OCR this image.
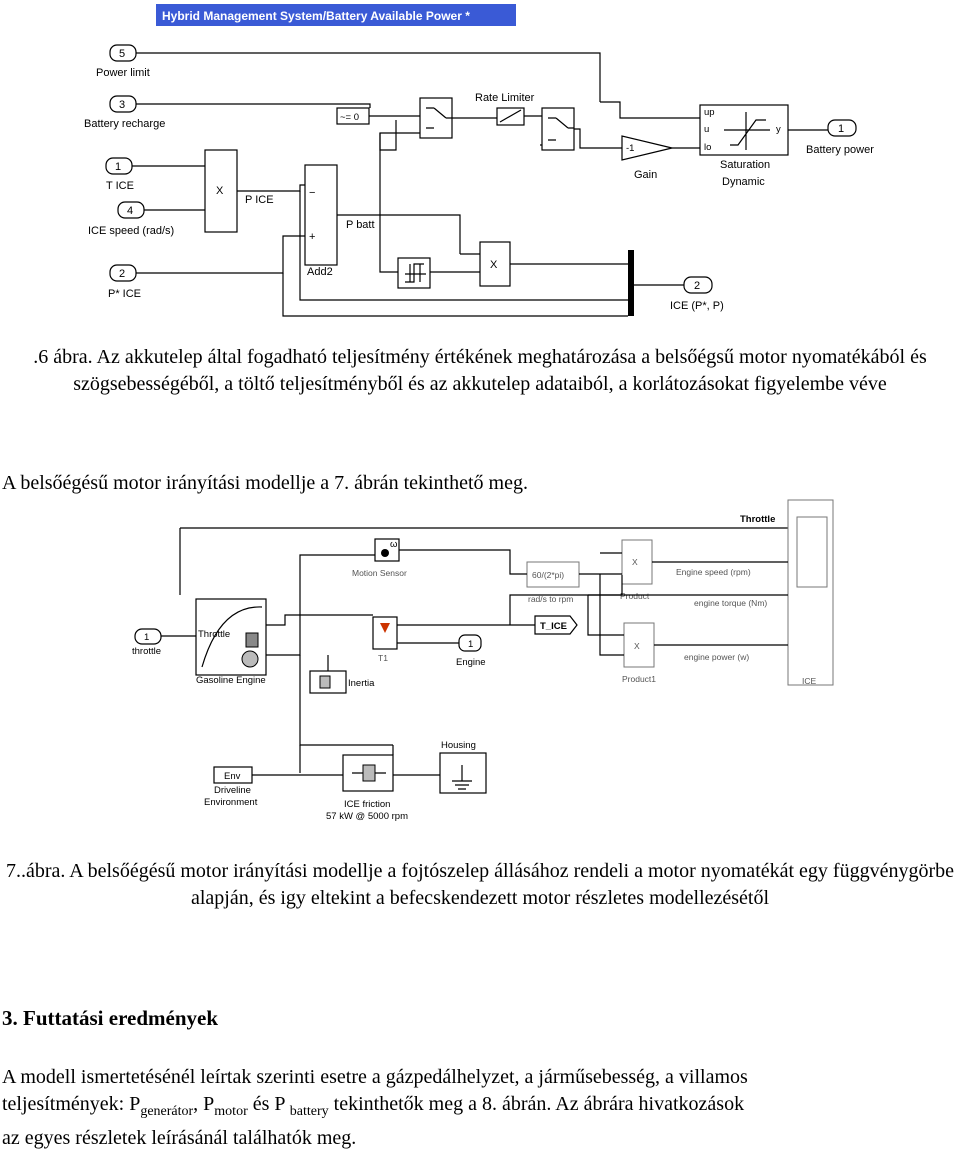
Hybrid Management System/Battery Available Power *
5
Power limit
3
Battery recharge
1
T ICE
4
ICE speed (rad/s)
2
P* ICE
X
P ICE
−
+
Add2
P batt
~= 0
Rate Limiter
-1
Gain
up
u
lo
y
Saturation
Dynamic
X
1
Battery power
2
ICE (P*, P)

.6 ábra. Az akkutelep által fogadható teljesítmény értékének meghatározása a belsőégsű motor nyomatékából és szögsebességéből, a töltő teljesítményből és az akkutelep adataiból, a korlátozásokat figyelembe véve

A belsőégésű motor irányítási modellje a 7. ábrán tekinthető meg.

Throttle
ICE
ω
Motion Sensor	60/(2*pi)
rad/s to rpm
X
Product
X
Product1
Engine speed (rpm)
engine torque (Nm)
engine power (w)
T_ICE
1
throttle
Throttle
Gasoline Engine
T1
1
Engine
Inertia
Housing
Env
Driveline
Environment	ICE friction
57 kW @ 5000 rpm

7..ábra. A belsőégésű motor irányítási modellje a fojtószelep állásához rendeli a motor nyomatékát egy függvénygörbe alapján, és igy eltekint a befecskendezett motor részletes modellezésétől

3. Futtatási eredmények
A modell ismertetésénél leírtak szerinti esetre a gázpedálhelyzet, a járműsebesség, a villamos
teljesítmények: $P_{generátor}$, $P_{motor}$ és P $_{battery}$ tekinthetők meg a 8. ábrán. Az ábrára hivatkozások
az egyes részletek leírásánál találhatók meg.
